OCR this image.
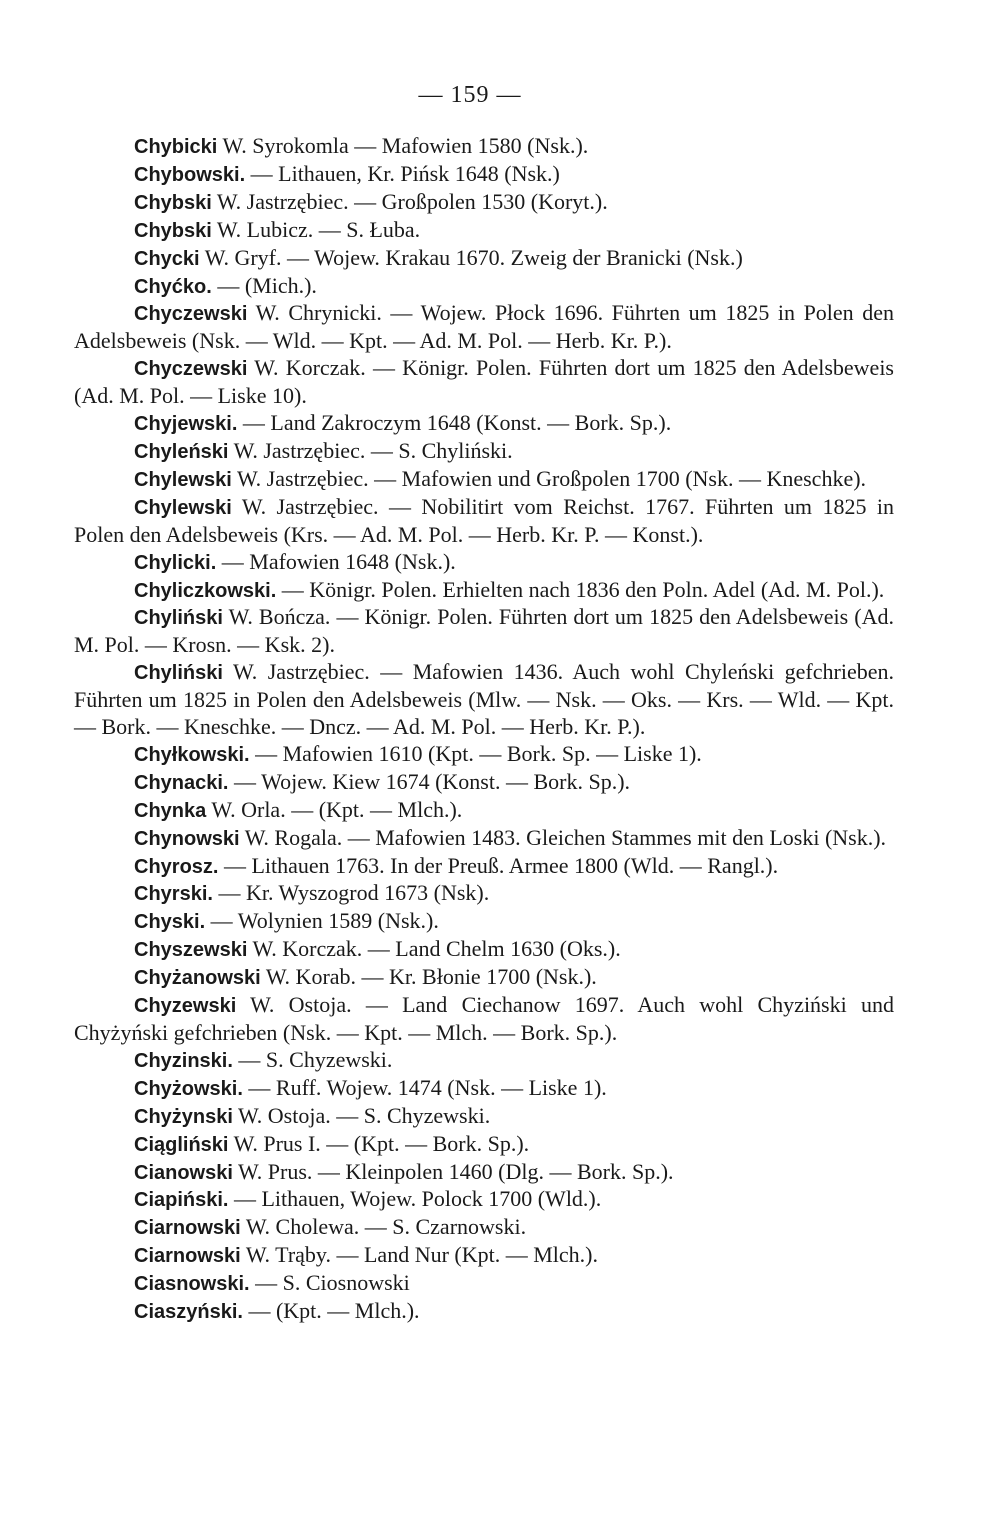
— 159 —

Chybicki W. Syrokomla — Mafowien 1580 (Nsk.).

Chybowski. — Lithauen, Kr. Pińsk 1648 (Nsk.)

Chybski W. Jastrzębiec. — Großpolen 1530 (Koryt.).

Chybski W. Lubicz. — S. Łuba.

Chycki W. Gryf. — Wojew. Krakau 1670. Zweig der Branicki (Nsk.)

Chyćko. — (Mich.).

Chyczewski W. Chrynicki. — Wojew. Płock 1696. Führten um 1825 in Polen den Adelsbeweis (Nsk. — Wld. — Kpt. — Ad. M. Pol. — Herb. Kr. P.).

Chyczewski W. Korczak. — Königr. Polen. Führten dort um 1825 den Adelsbeweis (Ad. M. Pol. — Liske 10).

Chyjewski. — Land Zakroczym 1648 (Konst. — Bork. Sp.).

Chyleński W. Jastrzębiec. — S. Chyliński.

Chylewski W. Jastrzębiec. — Mafowien und Großpolen 1700 (Nsk. — Kneschke).

Chylewski W. Jastrzębiec. — Nobilitirt vom Reichst. 1767. Führten um 1825 in Polen den Adelsbeweis (Krs. — Ad. M. Pol. — Herb. Kr. P. — Konst.).

Chylicki. — Mafowien 1648 (Nsk.).

Chyliczkowski. — Königr. Polen. Erhielten nach 1836 den Poln. Adel (Ad. M. Pol.).

Chyliński W. Bończa. — Königr. Polen. Führten dort um 1825 den Adelsbeweis (Ad. M. Pol. — Krosn. — Ksk. 2).

Chyliński W. Jastrzębiec. — Mafowien 1436. Auch wohl Chyleński gefchrieben. Führten um 1825 in Polen den Adelsbeweis (Mlw. — Nsk. — Oks. — Krs. — Wld. — Kpt. — Bork. — Kneschke. — Dncz. — Ad. M. Pol. — Herb. Kr. P.).

Chyłkowski. — Mafowien 1610 (Kpt. — Bork. Sp. — Liske 1).

Chynacki. — Wojew. Kiew 1674 (Konst. — Bork. Sp.).

Chynka W. Orla. — (Kpt. — Mlch.).

Chynowski W. Rogala. — Mafowien 1483. Gleichen Stammes mit den Loski (Nsk.).

Chyrosz. — Lithauen 1763. In der Preuß. Armee 1800 (Wld. — Rangl.).

Chyrski. — Kr. Wyszogrod 1673 (Nsk).

Chyski. — Wolynien 1589 (Nsk.).

Chyszewski W. Korczak. — Land Chelm 1630 (Oks.).

Chyżanowski W. Korab. — Kr. Błonie 1700 (Nsk.).

Chyzewski W. Ostoja. — Land Ciechanow 1697. Auch wohl Chyziński und Chyżyński gefchrieben (Nsk. — Kpt. — Mlch. — Bork. Sp.).

Chyzinski. — S. Chyzewski.

Chyżowski. — Ruff. Wojew. 1474 (Nsk. — Liske 1).

Chyżynski W. Ostoja. — S. Chyzewski.

Ciągliński W. Prus I. — (Kpt. — Bork. Sp.).

Cianowski W. Prus. — Kleinpolen 1460 (Dlg. — Bork. Sp.).

Ciapiński. — Lithauen, Wojew. Polock 1700 (Wld.).

Ciarnowski W. Cholewa. — S. Czarnowski.

Ciarnowski W. Trąby. — Land Nur (Kpt. — Mlch.).

Ciasnowski. — S. Ciosnowski

Ciaszyński. — (Kpt. — Mlch.).
